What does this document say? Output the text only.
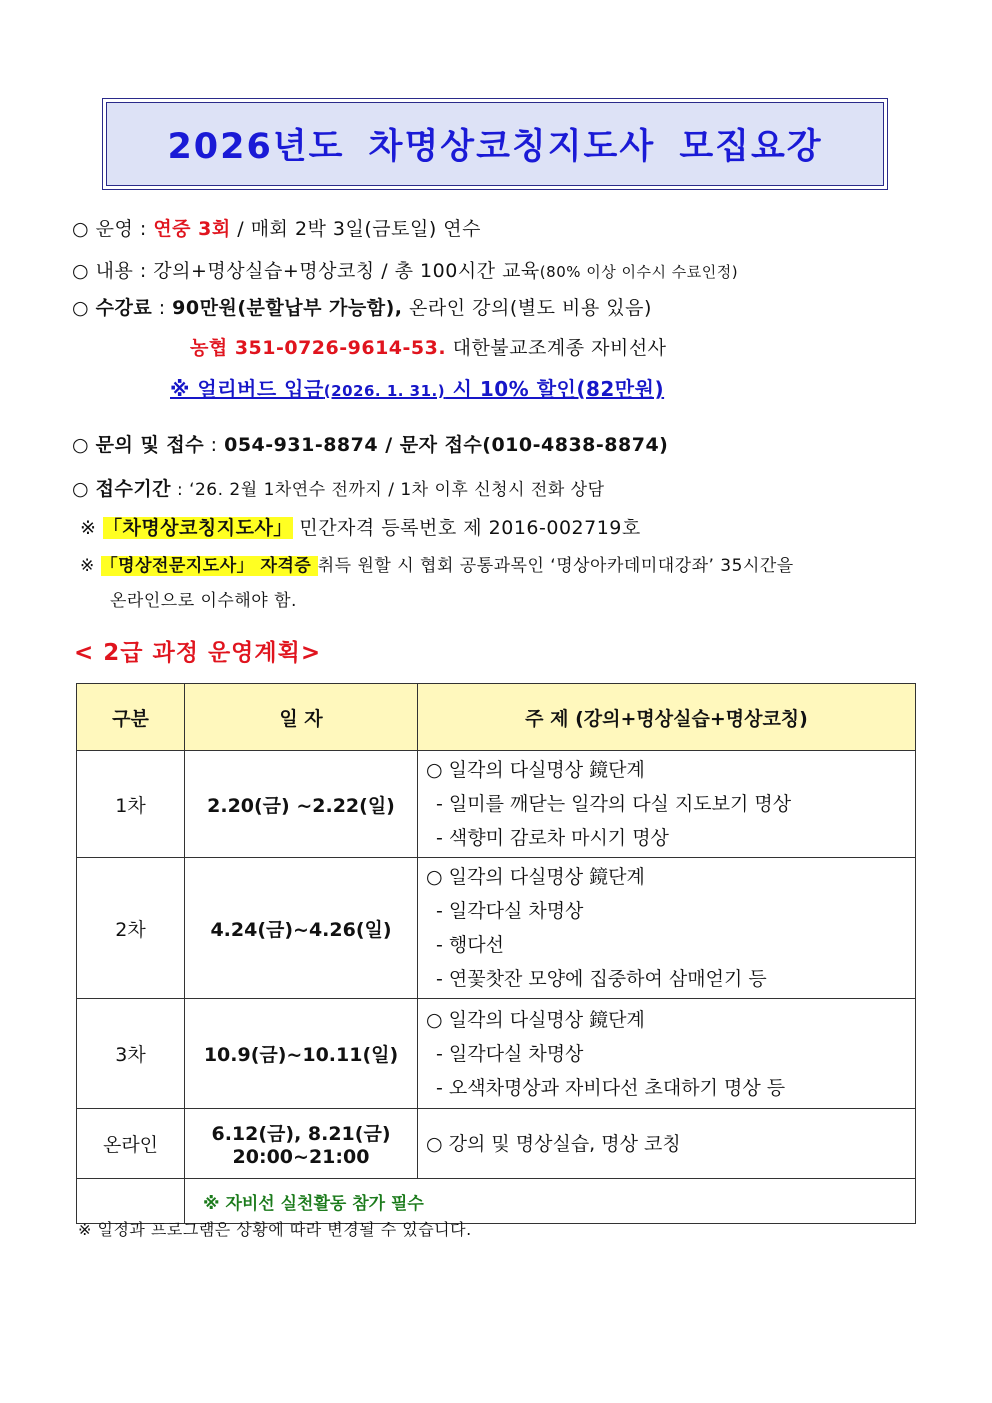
2026년도 차명상코칭지도사 모집요강
○ 운영 : 연중 3회 / 매회 2박 3일(금토일) 연수
○ 내용 : 강의+명상실습+명상코칭 / 총 100시간 교육(80% 이상 이수시 수료인정)
○ 수강료 : 90만원(분할납부 가능함), 온라인 강의(별도 비용 있음)
농협 351-0726-9614-53. 대한불교조계종 자비선사
※ 얼리버드 입금(2026. 1. 31.) 시 10% 할인(82만원)
○ 문의 및 접수 : 054-931-8874 / 문자 접수(010-4838-8874)
○ 접수기간 : ‘26. 2월 1차연수 전까지 / 1차 이후 신청시 전화 상담
※ 「차명상코칭지도사」 민간자격 등록번호 제 2016-002719호
※ 「명상전문지도사」 자격증 취득 원할 시 협회 공통과목인 ‘명상아카데미대강좌’ 35시간을
온라인으로 이수해야 함.
< 2급 과정 운영계획>
구분	일 자	주 제 (강의+명상실습+명상코칭)
1차	2.20(금) ~2.22(일)	○ 일각의 다실명상 鏡단계
- 일미를 깨닫는 일각의 다실 지도보기 명상
- 색향미 감로차 마시기 명상

2차	4.24(금)~4.26(일)	○ 일각의 다실명상 鏡단계
- 일각다실 차명상
- 행다선
- 연꽃찻잔 모양에 집중하여 삼매얻기 등

3차	10.9(금)~10.11(일)	○ 일각의 다실명상 鏡단계
- 일각다실 차명상
- 오색차명상과 자비다선 초대하기 명상 등

온라인	6.12(금), 8.21(금)
20:00~21:00	○ 강의 및 명상실습, 명상 코칭

	※ 자비선 실천활동 참가 필수	
※ 일정과 프로그램은 상황에 따라 변경될 수 있습니다.
